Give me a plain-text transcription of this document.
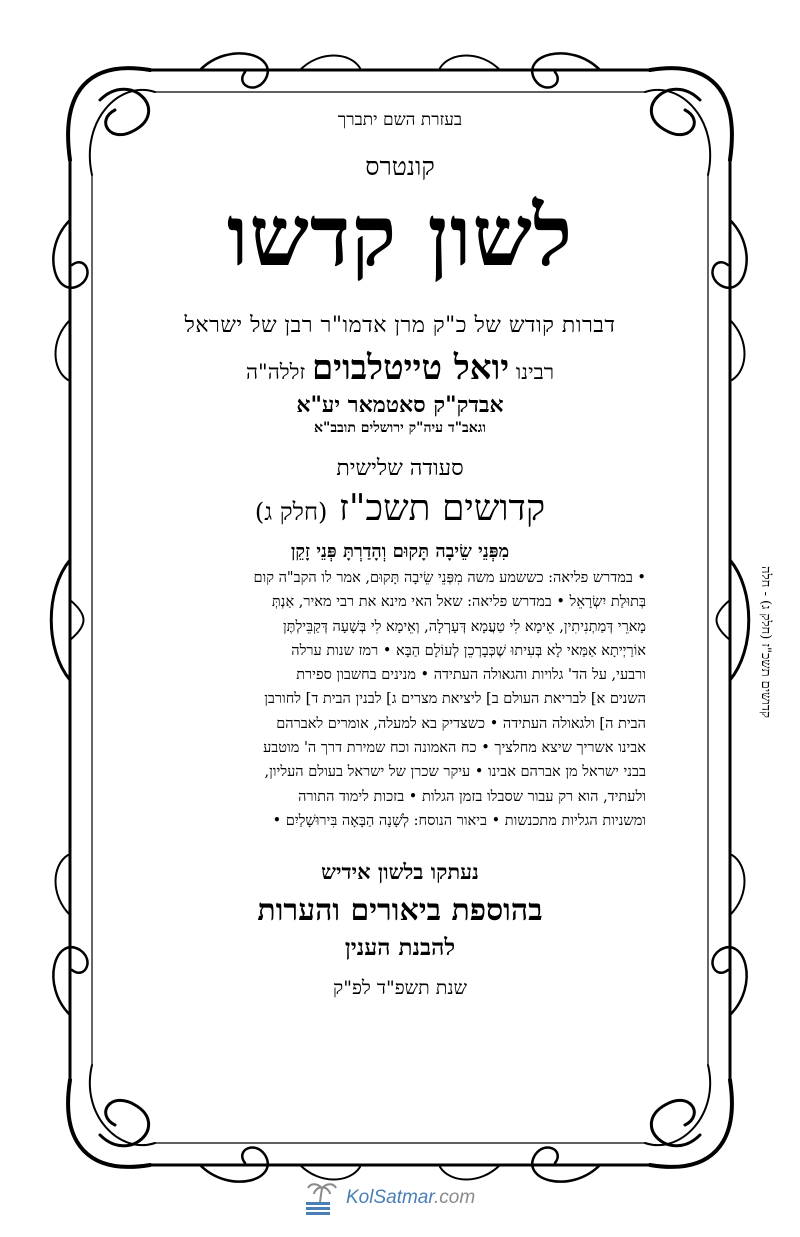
בעזרת השם יתברך
קונטרס
לשון קדשו
דברות קודש של כ"ק מרן אדמו"ר רבן של ישראל
רבינו יואל טייטלבוים זללה"ה
אבדק"ק סאטמאר יע"א
וגאב"ד עיה"ק ירושלים תובב"א
סעודה שלישית
קדושים תשכ"ז (חלק ג)
מִפְּנֵי שֵׂיבָה תָּקוּם וְהָדַרְתָּ פְּנֵי זָקֵן
• במדרש פליאה: כששמע משה מִפְּנֵי שֵׂיבָה תָּקוּם, אמר לו הקב"ה קום
בְּתוּלַת יִשְׂרָאֵל • במדרש פליאה: שאל האי מינא את רבי מאיר, אַנְתְּ
מָארֵי דְּמַתְנִיתִין, אֵימָא לִי טַעֲמָא דְּעָרְלָה, וְאֵימָא לִי בְּשָׁעָה דְּקַבֵּילְתֶּן
אוֹרַיְיתָא אַמַּאי לָא בְּעִיתוּ שֶׁכְּבָרְכֵן לְעוֹלָם הַבָּא • רמז שנות ערלה
ורבעי, על הד' גלויות והגאולה העתידה • מנינים בחשבון ספירת
השנים א] לבריאת העולם ב] ליציאת מצרים ג] לבנין הבית ד] לחורבן
הבית ה] ולגאולה העתידה • כשצדיק בא למעלה, אומרים לאברהם
אבינו אשריך שיצא מחלציך • כח האמונה וכח שמירת דרך ה' מוטבע
בבני ישראל מן אברהם אבינו • עיקר שכרן של ישראל בעולם העליון,
ולעתיד, הוא רק עבור שסבלו בזמן הגלות • בזכות לימוד התורה
ומשניות הגליות מתכנשות • ביאור הנוסח: לְשָׁנָה הַבָּאָה בִּירוּשָׁלַיִם •
נעתקו בלשון אידיש
בהוספת ביאורים והערות
להבנת הענין
שנת תשפ"ד לפ"ק
קדושים תשכ"ז (חלק ג) - חלה
KolSatmar.com
